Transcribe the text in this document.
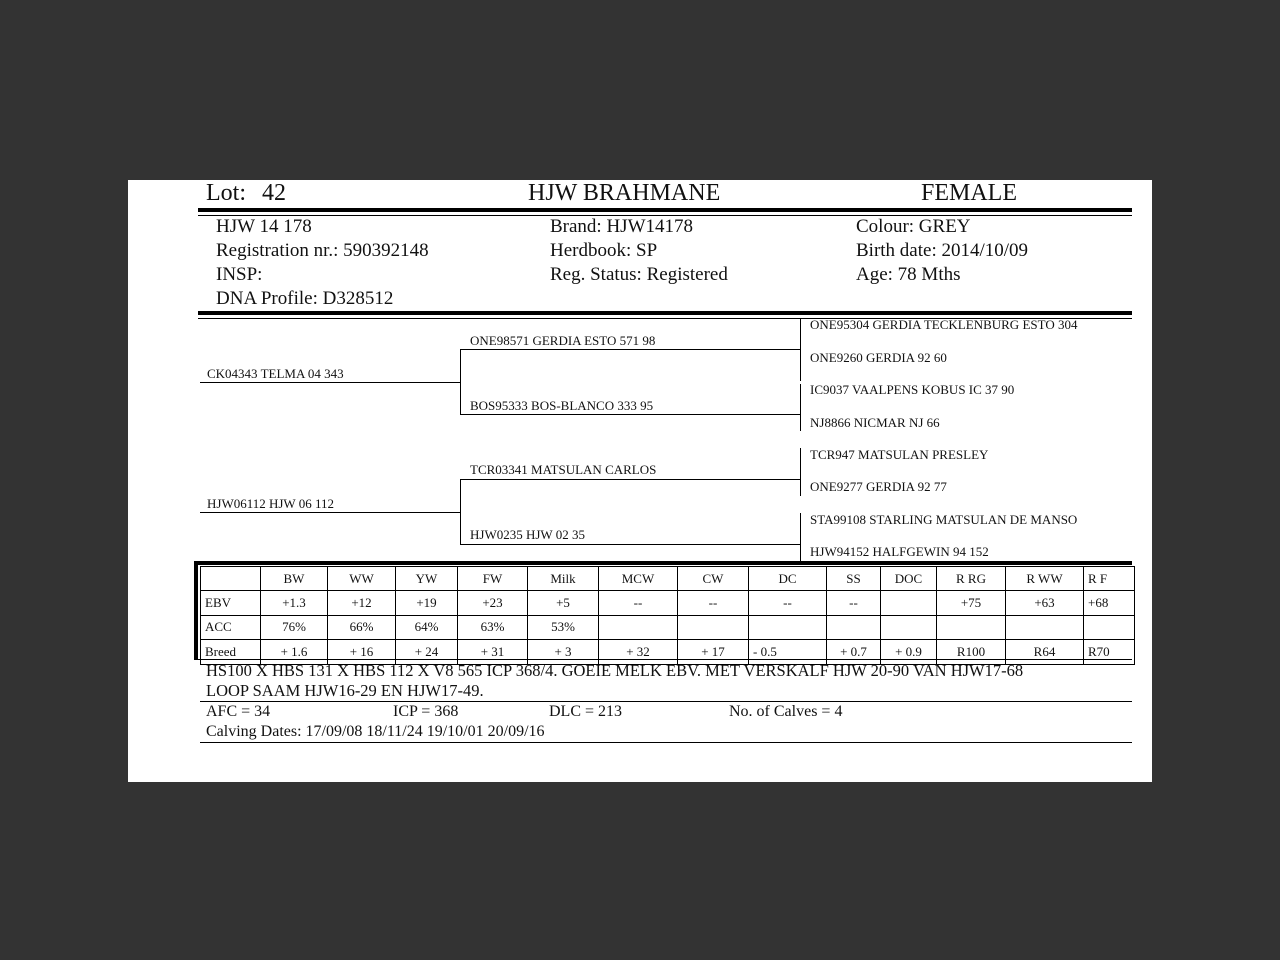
Lot: 42	HJW BRAHMANE	FEMALE
HJW 14 178
Registration nr.: 590392148
INSP:
DNA Profile: D328512
Brand: HJW14178
Herdbook: SP
Reg. Status: Registered
Colour: GREY
Birth date: 2014/10/09
Age: 78 Mths
CK04343 TELMA 04 343
HJW06112 HJW 06 112
ONE98571 GERDIA ESTO 571 98
BOS95333 BOS-BLANCO 333 95
TCR03341 MATSULAN CARLOS
HJW0235 HJW 02 35
ONE95304 GERDIA TECKLENBURG ESTO 304
ONE9260 GERDIA 92 60
IC9037 VAALPENS KOBUS IC 37 90
NJ8866 NICMAR NJ 66
TCR947 MATSULAN PRESLEY
ONE9277 GERDIA 92 77
STA99108 STARLING MATSULAN DE MANSO
HJW94152 HALFGEWIN 94 152
	BW	WW	YW	FW	Milk	MCW	CW	DC	SS	DOC	R RG	R WW	R F
EBV	+1.3	+12	+19	+23	+5	--	--	--	--		+75	+63	+68
ACC	76%	66%	64%	63%	53%								
Breed	+ 1.6	+ 16	+ 24	+ 31	+ 3	+ 32	+ 17	- 0.5	+ 0.7	+ 0.9	R100	R64	R70
HS100 X HBS 131 X HBS 112 X V8 565 ICP 368/4. GOEIE MELK EBV. MET VERSKALF HJW 20-90 VAN HJW17-68
LOOP SAAM HJW16-29 EN HJW17-49.
AFC = 34	ICP = 368	DLC = 213	No. of Calves = 4
Calving Dates: 17/09/08 18/11/24 19/10/01 20/09/16
